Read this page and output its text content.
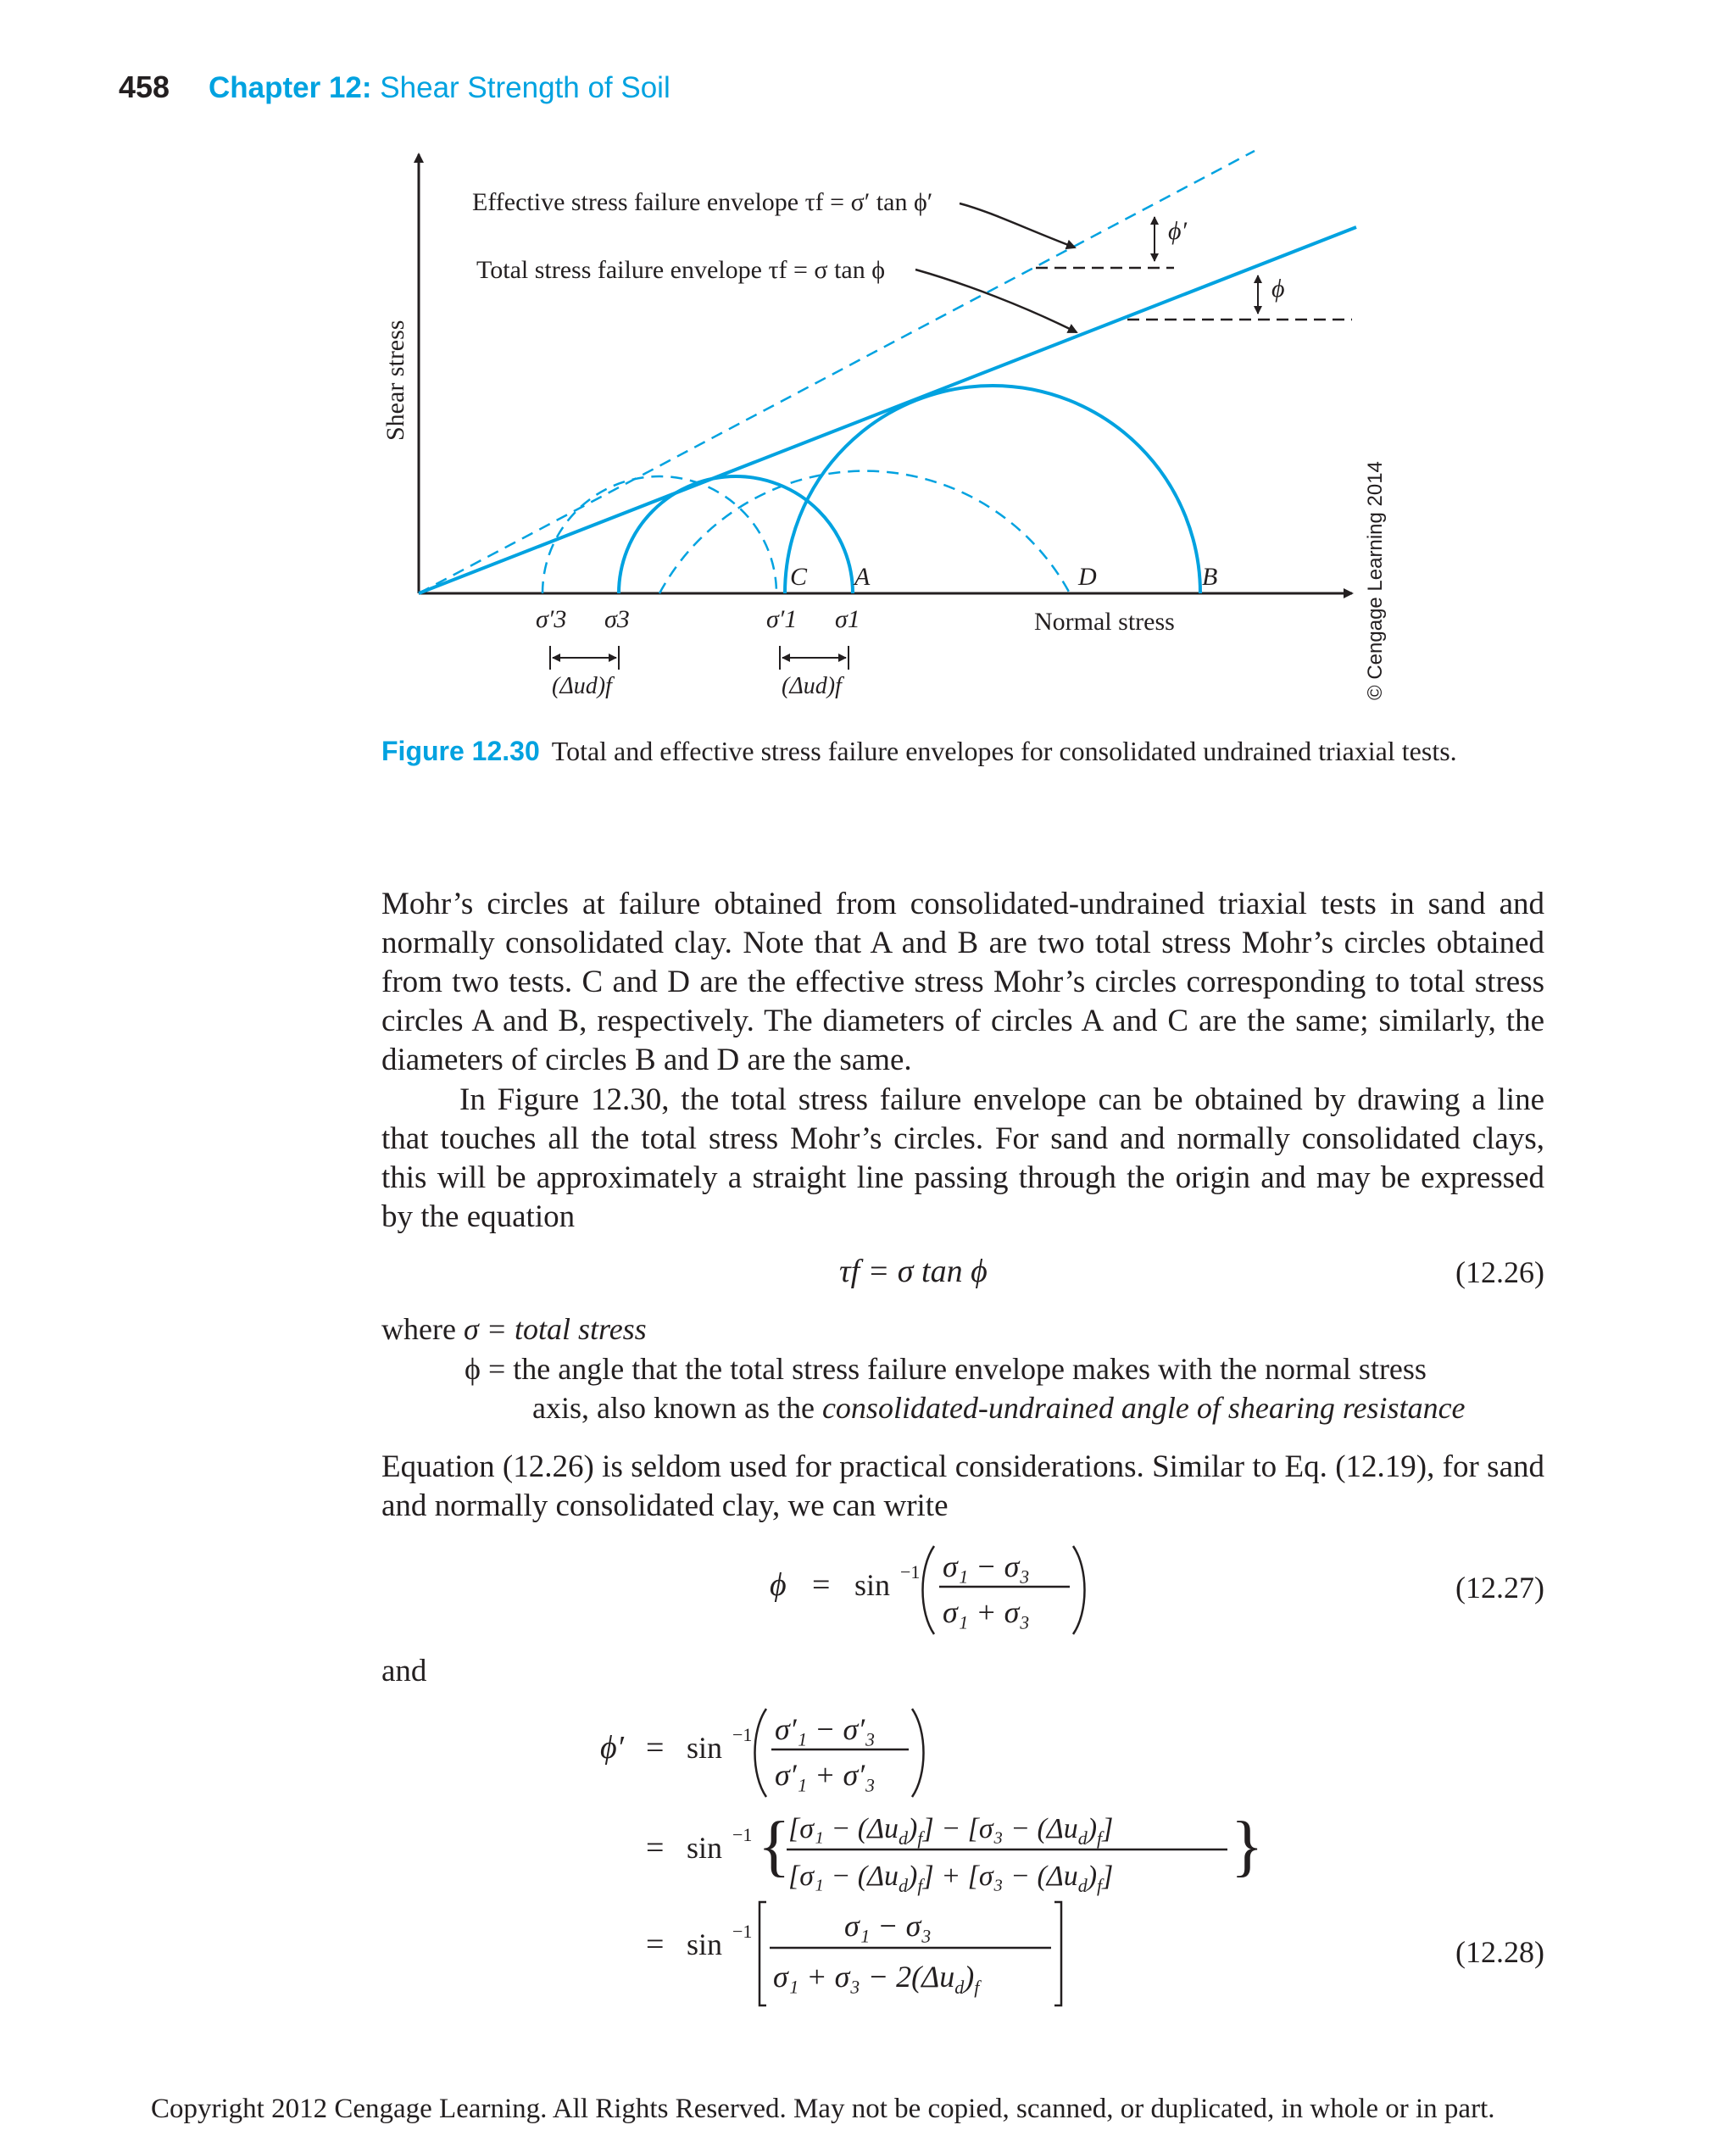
458 Chapter 12: Shear Strength of Soil
Shear stress
Normal stress
C A	D	B
Effective stress failure envelope τf = σ′ tan ϕ′
Total stress failure envelope τf = σ tan ϕ
ϕ′
ϕ
σ′3 σ3	σ′1 σ1
(Δud)f	(Δud)f	© Cengage Learning 2014
Figure 12.30 Total and effective stress failure envelopes for consolidated undrained triaxial tests.
Mohr’s circles at failure obtained from consolidated-undrained triaxial tests in sand and normally consolidated clay. Note that A and B are two total stress Mohr’s circles obtained from two tests. C and D are the effective stress Mohr’s circles corresponding to total stress circles A and B, respectively. The diameters of circles A and C are the same; similarly, the diameters of circles B and D are the same.
In Figure 12.30, the total stress failure envelope can be obtained by drawing a line that touches all the total stress Mohr’s circles. For sand and normally consolidated clays, this will be approximately a straight line passing through the origin and may be expressed by the equation
τf = σ tan ϕ	(12.26)
where σ = total stress
ϕ = the angle that the total stress failure envelope makes with the normal stress
axis, also known as the consolidated-undrained angle of shearing resistance
Equation (12.26) is seldom used for practical considerations. Similar to Eq. (12.19), for sand and normally consolidated clay, we can write
ϕ = sin −1 σ₁ − σ₃
σ₁ + σ₃
(12.27)
and
ϕ′ = sin −1 σ′₁ − σ′₃
σ′₁ + σ′₃
= sin −1 {
$[\sigma_1 - (\Delta u_d)_f] - [\sigma_3 - (\Delta u_d)_f]$
$[\sigma_1 - (\Delta u_d)_f] + [\sigma_3 - (\Delta u_d)_f]$ }
= sin −1	σ₁ − σ₃
$\sigma_1 + \sigma_3 - 2(\Delta u_d)_f$
(12.28)
Copyright 2012 Cengage Learning. All Rights Reserved. May not be copied, scanned, or duplicated, in whole or in part.
